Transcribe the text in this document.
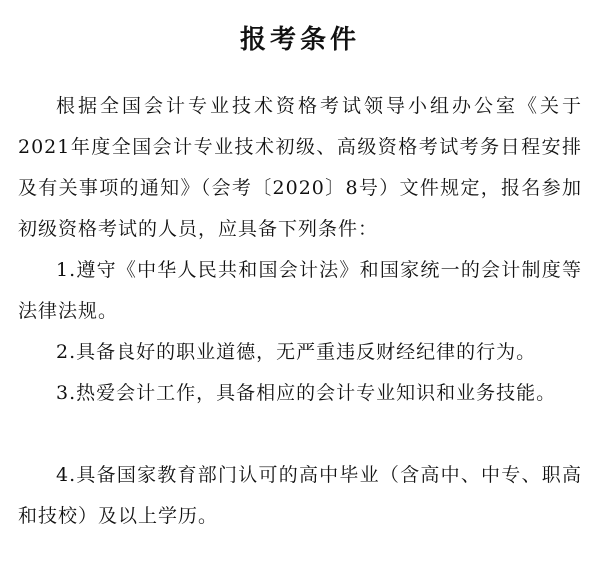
报考条件

根据全国会计专业技术资格考试领导小组办公室《关于2021年度全国会计专业技术初级、高级资格考试考务日程安排及有关事项的通知》（会考〔2020〕8号）文件规定，报名参加初级资格考试的人员，应具备下列条件：

1.遵守《中华人民共和国会计法》和国家统一的会计制度等法律法规。

2.具备良好的职业道德，无严重违反财经纪律的行为。

3.热爱会计工作，具备相应的会计专业知识和业务技能。

4.具备国家教育部门认可的高中毕业（含高中、中专、职高和技校）及以上学历。
